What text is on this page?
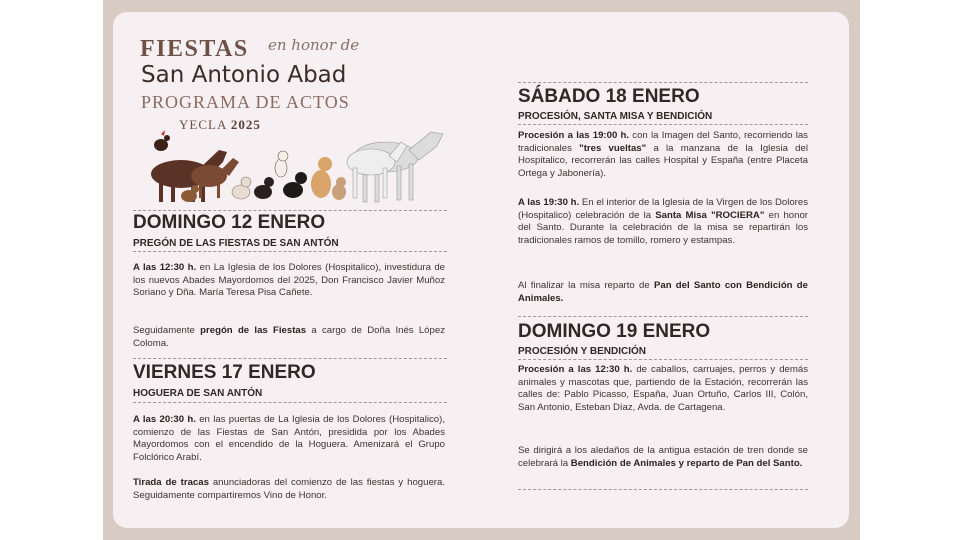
FIESTAS en honor de
San Antonio Abad
PROGRAMA DE ACTOS
YECLA 2025
DOMINGO 12 ENERO
PREGÓN DE LAS FIESTAS DE SAN ANTÓN
A las 12:30 h. en La Iglesia de los Dolores (Hospitalico), investidura de los nuevos Abades Mayordomos del 2025, Don Francisco Javier Muñoz Soriano y Dña. María Teresa Pisa Cañete.
Seguidamente pregón de las Fiestas a cargo de Doña Inés López Coloma.
VIERNES 17 ENERO
HOGUERA DE SAN ANTÓN
A las 20:30 h. en las puertas de La Iglesia de los Dolores (Hospitalico), comienzo de las Fiestas de San Antón, presidida por los Abades Mayordomos con el encendido de la Hoguera. Amenizará el Grupo Folclórico Arabí.
Tirada de tracas anunciadoras del comienzo de las fiestas y hoguera. Seguidamente compartiremos Vino de Honor.
SÁBADO 18 ENERO
PROCESIÓN, SANTA MISA Y BENDICIÓN
Procesión a las 19:00 h. con la Imagen del Santo, recorriendo las tradicionales "tres vueltas" a la manzana de la Iglesia del Hospitalico, recorrerán las calles Hospital y España (entre Placeta Ortega y Jabonería).
A las 19:30 h. En el interior de la Iglesia de la Virgen de los Dolores (Hospitalico) celebración de la Santa Misa "ROCIERA" en honor del Santo. Durante la celebración de la misa se repartirán los tradicionales ramos de tomillo, romero y estampas.
Al finalizar la misa reparto de Pan del Santo con Bendición de Animales.
DOMINGO 19 ENERO
PROCESIÓN Y BENDICIÓN
Procesión a las 12:30 h. de caballos, carruajes, perros y demás animales y mascotas que, partiendo de la Estación, recorrerán las calles de: Pablo Picasso, España, Juan Ortuño, Carlos III, Colón, San Antonio, Esteban Díaz, Avda. de Cartagena.
Se dirigirá a los aledaños de la antigua estación de tren donde se celebrará la Bendición de Animales y reparto de Pan del Santo.
